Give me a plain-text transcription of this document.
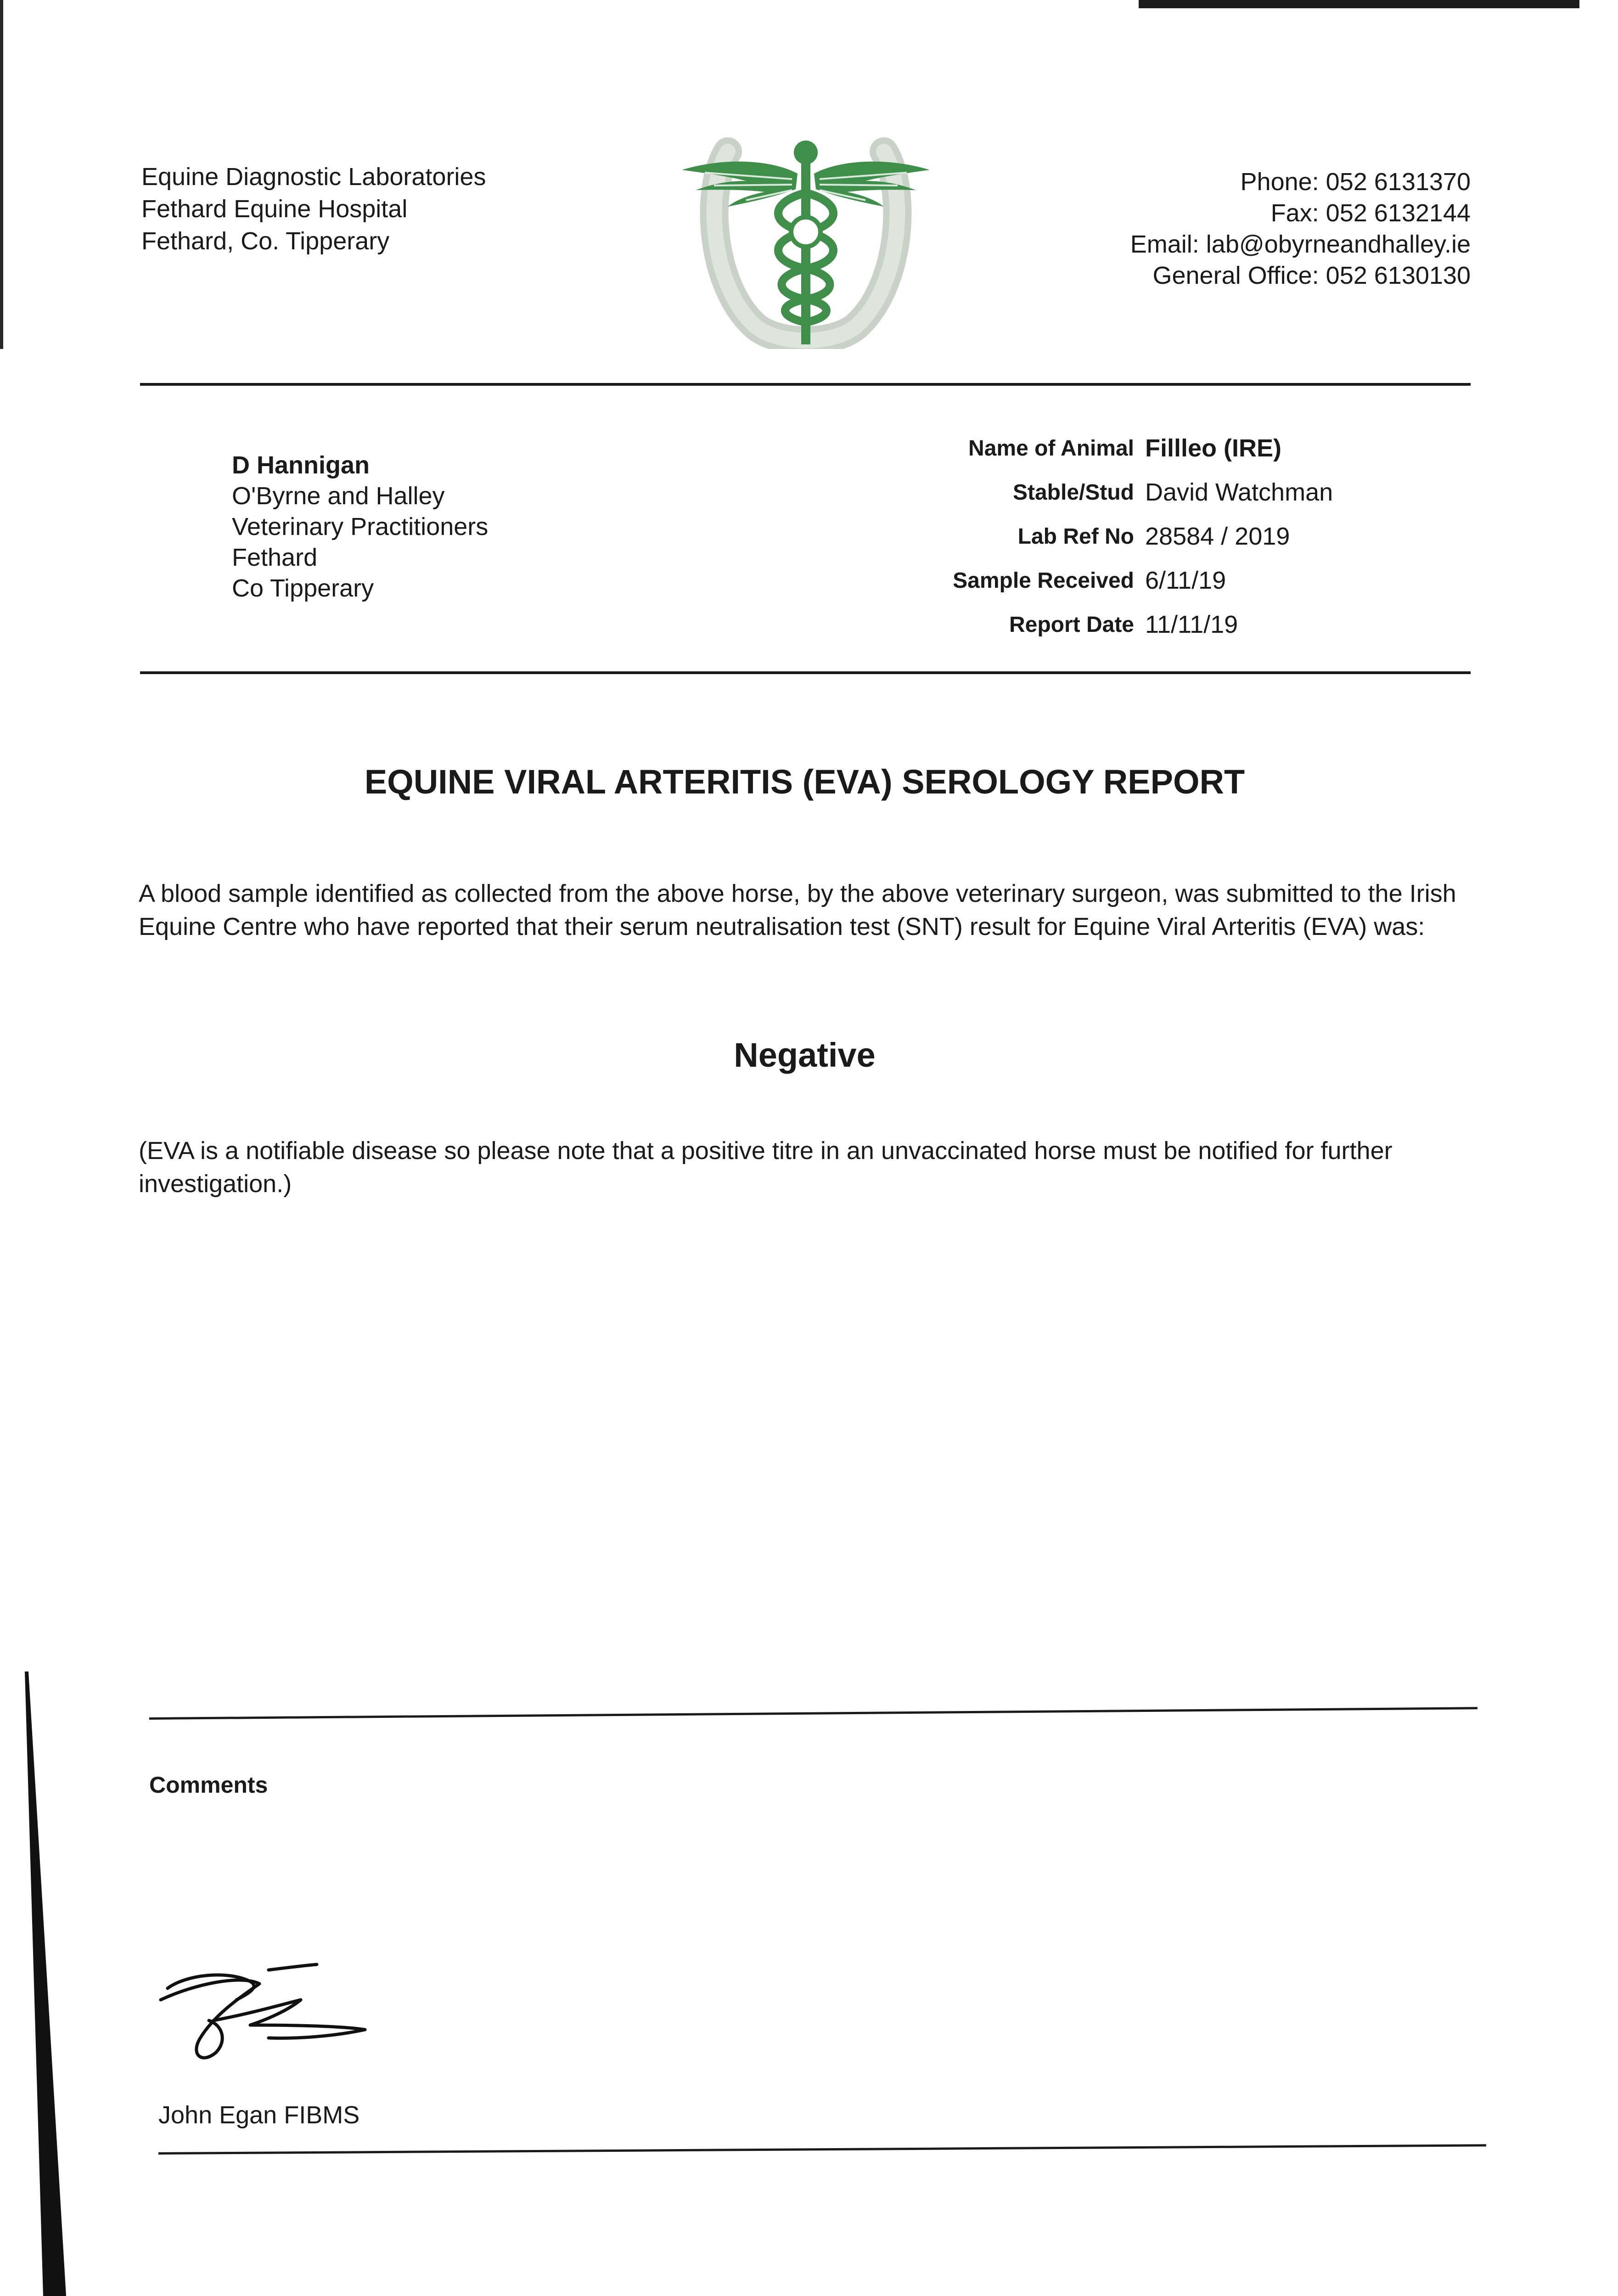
Equine Diagnostic Laboratories
Fethard Equine Hospital
Fethard, Co. Tipperary
Phone: 052 6131370
Fax: 052 6132144
Email: lab@obyrneandhalley.ie
General Office: 052 6130130
D Hannigan
O'Byrne and Halley
Veterinary Practitioners
Fethard
Co Tipperary
Name of Animal Fillleo (IRE)
Stable/Stud David Watchman
Lab Ref No 28584 / 2019
Sample Received 6/11/19
Report Date 11/11/19
EQUINE VIRAL ARTERITIS (EVA) SEROLOGY REPORT
A blood sample identified as collected from the above horse, by the above veterinary surgeon, was submitted to the Irish Equine Centre who have reported that their serum neutralisation test (SNT) result for Equine Viral Arteritis (EVA) was:
Negative
(EVA is a notifiable disease so please note that a positive titre in an unvaccinated horse must be notified for further investigation.)
Comments
John Egan FIBMS
